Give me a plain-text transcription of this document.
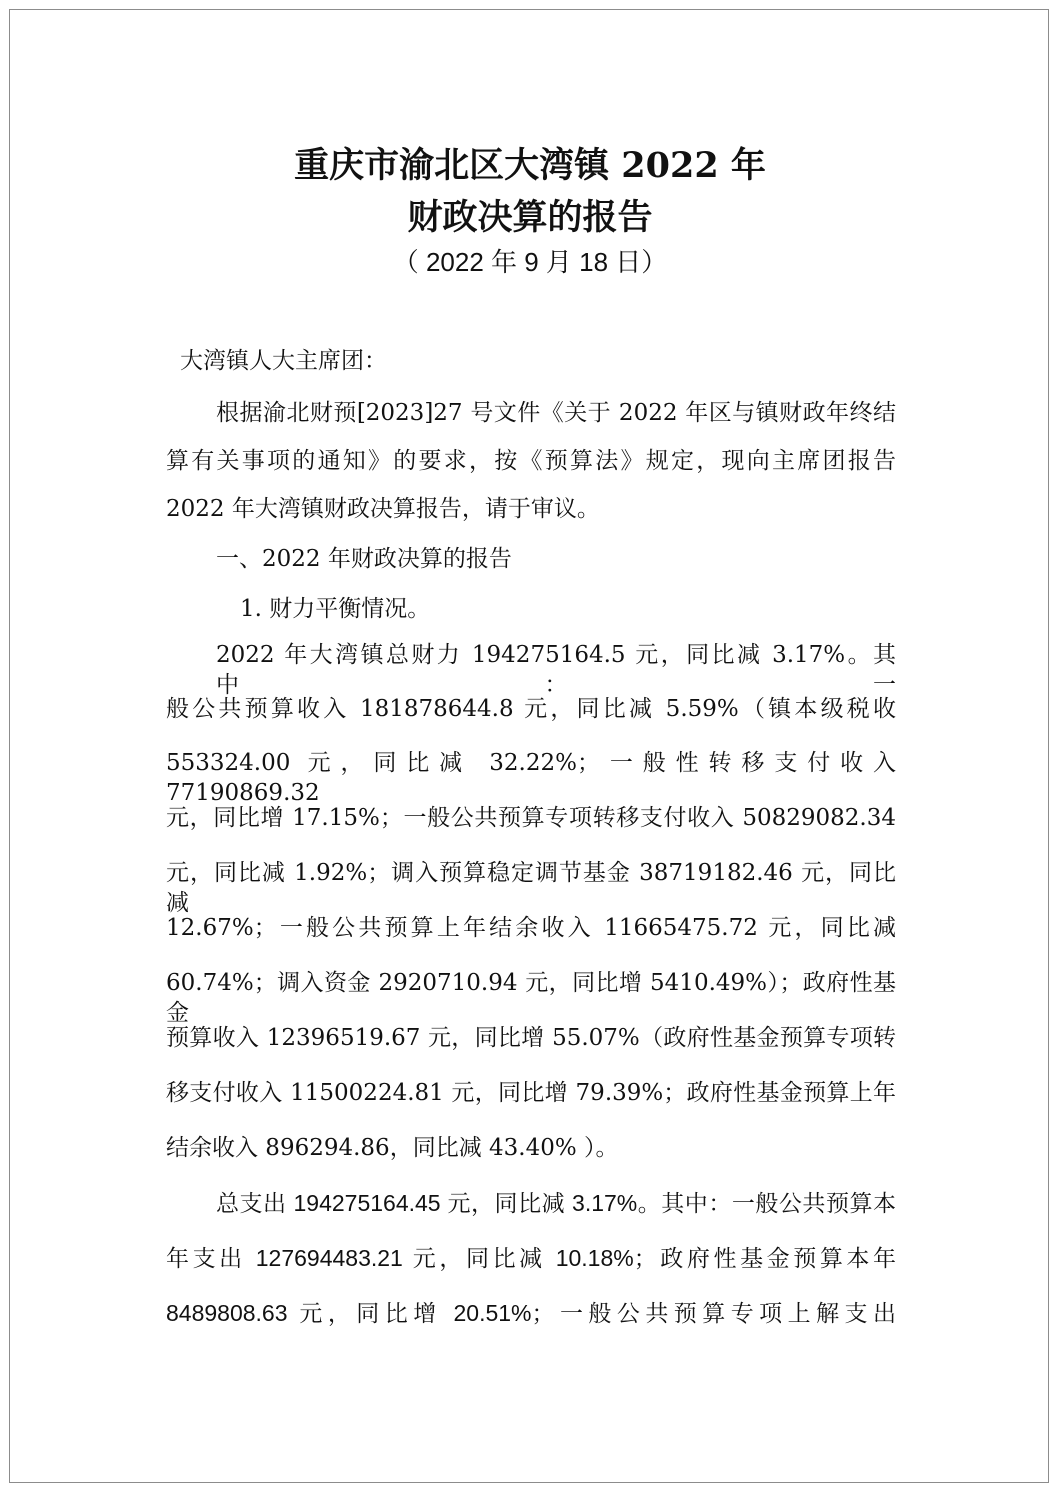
重庆市渝北区大湾镇 2022 年
财政决算的报告
（ 2022 年 9 月 18 日）
大湾镇人大主席团：
根据渝北财预[2023]27 号文件《关于 2022 年区与镇财政年终结
算有关事项的通知》的要求，按《预算法》规定，现向主席团报告
2022 年大湾镇财政决算报告，请于审议。
一、2022 年财政决算的报告
1. 财力平衡情况。
2022 年大湾镇总财力 194275164.5 元，同比减 3.17%。其中：一
般公共预算收入 181878644.8 元，同比减 5.59%（镇本级税收
553324.00 元，同比减 32.22%；一般性转移支付收入 77190869.32
元，同比增 17.15%；一般公共预算专项转移支付收入 50829082.34
元，同比减 1.92%；调入预算稳定调节基金 38719182.46 元，同比减
12.67%；一般公共预算上年结余收入 11665475.72 元，同比减
60.74%；调入资金 2920710.94 元，同比增 5410.49%）；政府性基金
预算收入 12396519.67 元，同比增 55.07%（政府性基金预算专项转
移支付收入 11500224.81 元，同比增 79.39%；政府性基金预算上年
结余收入 896294.86，同比减 43.40% ）。
总支出 194275164.45 元，同比减 3.17%。其中：一般公共预算本
年支出 127694483.21 元，同比减 10.18%；政府性基金预算本年
8489808.63 元，同比增 20.51%；一般公共预算专项上解支出
